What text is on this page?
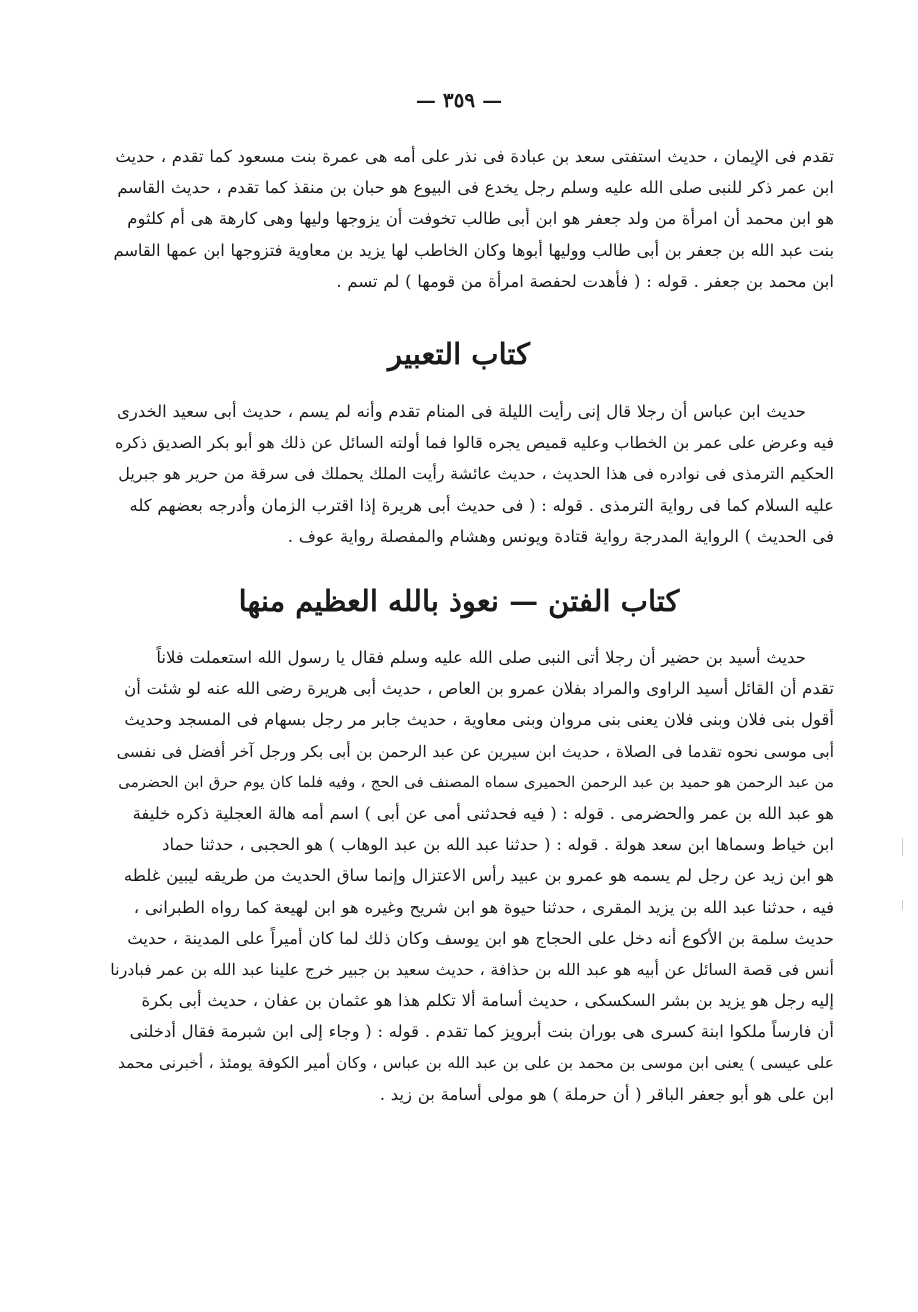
— ٣٥٩ —
تقدم فى الإيمان ، حديث استفتى سعد بن عبادة فى نذر على أمه هى عمرة بنت مسعود كما تقدم ، حديث
ابن عمر ذكر للنبى صلى الله عليه وسلم رجل يخدع فى البيوع هو حبان بن منقذ كما تقدم ، حديث القاسم
هو ابن محمد أن امرأة من ولد جعفر هو ابن أبى طالب تخوفت أن يزوجها وليها وهى كارهة هى أم كلثوم
بنت عبد الله بن جعفر بن أبى طالب ووليها أبوها وكان الخاطب لها يزيد بن معاوية فتزوجها ابن عمها القاسم
ابن محمد بن جعفر . قوله : ( فأهدت لحفصة امرأة من قومها ) لم تسم .
كتاب التعبير
حديث ابن عباس أن رجلا قال إنى رأيت الليلة فى المنام تقدم وأنه لم يسم ، حديث أبى سعيد الخدرى
فيه وعرض على عمر بن الخطاب وعليه قميص يجره قالوا فما أولته السائل عن ذلك هو أبو بكر الصديق ذكره
الحكيم الترمذى فى نوادره فى هذا الحديث ، حديث عائشة رأيت الملك يحملك فى سرقة من حرير هو جبريل
عليه السلام كما فى رواية الترمذى . قوله : ( فى حديث أبى هريرة إذا اقترب الزمان وأدرجه بعضهم كله
فى الحديث ) الرواية المدرجة رواية قتادة ويونس وهشام والمفصلة رواية عوف .
كتاب الفتن — نعوذ بالله العظيم منها
حديث أسيد بن حضير أن رجلا أتى النبى صلى الله عليه وسلم فقال يا رسول الله استعملت فلاناً
تقدم أن القائل أسيد الراوى والمراد بفلان عمرو بن العاص ، حديث أبى هريرة رضى الله عنه لو شئت أن
أقول بنى فلان وبنى فلان يعنى بنى مروان وبنى معاوية ، حديث جابر مر رجل بسهام فى المسجد وحديث
أبى موسى نحوه تقدما فى الصلاة ، حديث ابن سيرين عن عبد الرحمن بن أبى بكر ورجل آخر أفضل فى نفسى
من عبد الرحمن هو حميد بن عبد الرحمن الحميرى سماه المصنف فى الحج ، وفيه فلما كان يوم حرق ابن الحضرمى
هو عبد الله بن عمر والحضرمى . قوله : ( فيه فحدثنى أمى عن أبى ) اسم أمه هالة العجلية ذكره خليفة
ابن خياط وسماها ابن سعد هولة . قوله : ( حدثنا عبد الله بن عبد الوهاب ) هو الحجبى ، حدثنا حماد
هو ابن زيد عن رجل لم يسمه هو عمرو بن عبيد رأس الاعتزال وإنما ساق الحديث من طريقه ليبين غلطه
فيه ، حدثنا عبد الله بن يزيد المقرى ، حدثنا حيوة هو ابن شريح وغيره هو ابن لهيعة كما رواه الطبرانى ،
حديث سلمة بن الأكوع أنه دخل على الحجاج هو ابن يوسف وكان ذلك لما كان أميراً على المدينة ، حديث
أنس فى قصة السائل عن أبيه هو عبد الله بن حذافة ، حديث سعيد بن جبير خرج علينا عبد الله بن عمر فبادرنا
إليه رجل هو يزيد بن بشر السكسكى ، حديث أسامة ألا تكلم هذا هو عثمان بن عفان ، حديث أبى بكرة
أن فارساً ملكوا ابنة كسرى هى بوران بنت أبرويز كما تقدم . قوله : ( وجاء إلى ابن شبرمة فقال أدخلنى
على عيسى ) يعنى ابن موسى بن محمد بن على بن عبد الله بن عباس ، وكان أمير الكوفة يومئذ ، أخبرنى محمد
ابن على هو أبو جعفر الباقر ( أن حرملة ) هو مولى أسامة بن زيد .
